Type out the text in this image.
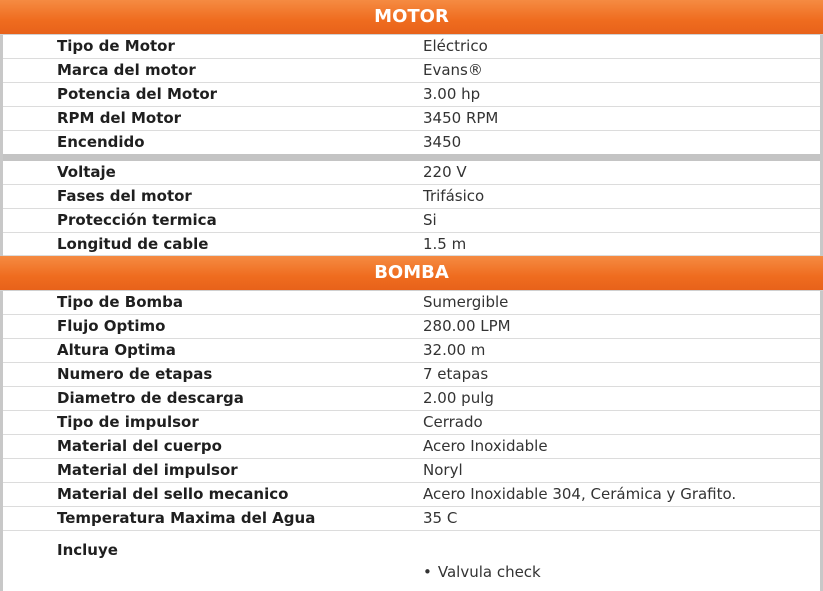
MOTOR
Tipo de Motor	Eléctrico
Marca del motor	Evans®
Potencia del Motor	3.00 hp
RPM del Motor	3450 RPM
Encendido	3450
Voltaje	220 V
Fases del motor	Trifásico
Protección termica	Si
Longitud de cable	1.5 m
BOMBA
Tipo de Bomba	Sumergible
Flujo Optimo	280.00 LPM
Altura Optima	32.00 m
Numero de etapas	7 etapas
Diametro de descarga	2.00 pulg
Tipo de impulsor	Cerrado
Material del cuerpo	Acero Inoxidable
Material del impulsor	Noryl
Material del sello mecanico	Acero Inoxidable 304, Cerámica y Grafito.
Temperatura Maxima del Agua	35 C
Incluye
• Valvula check
